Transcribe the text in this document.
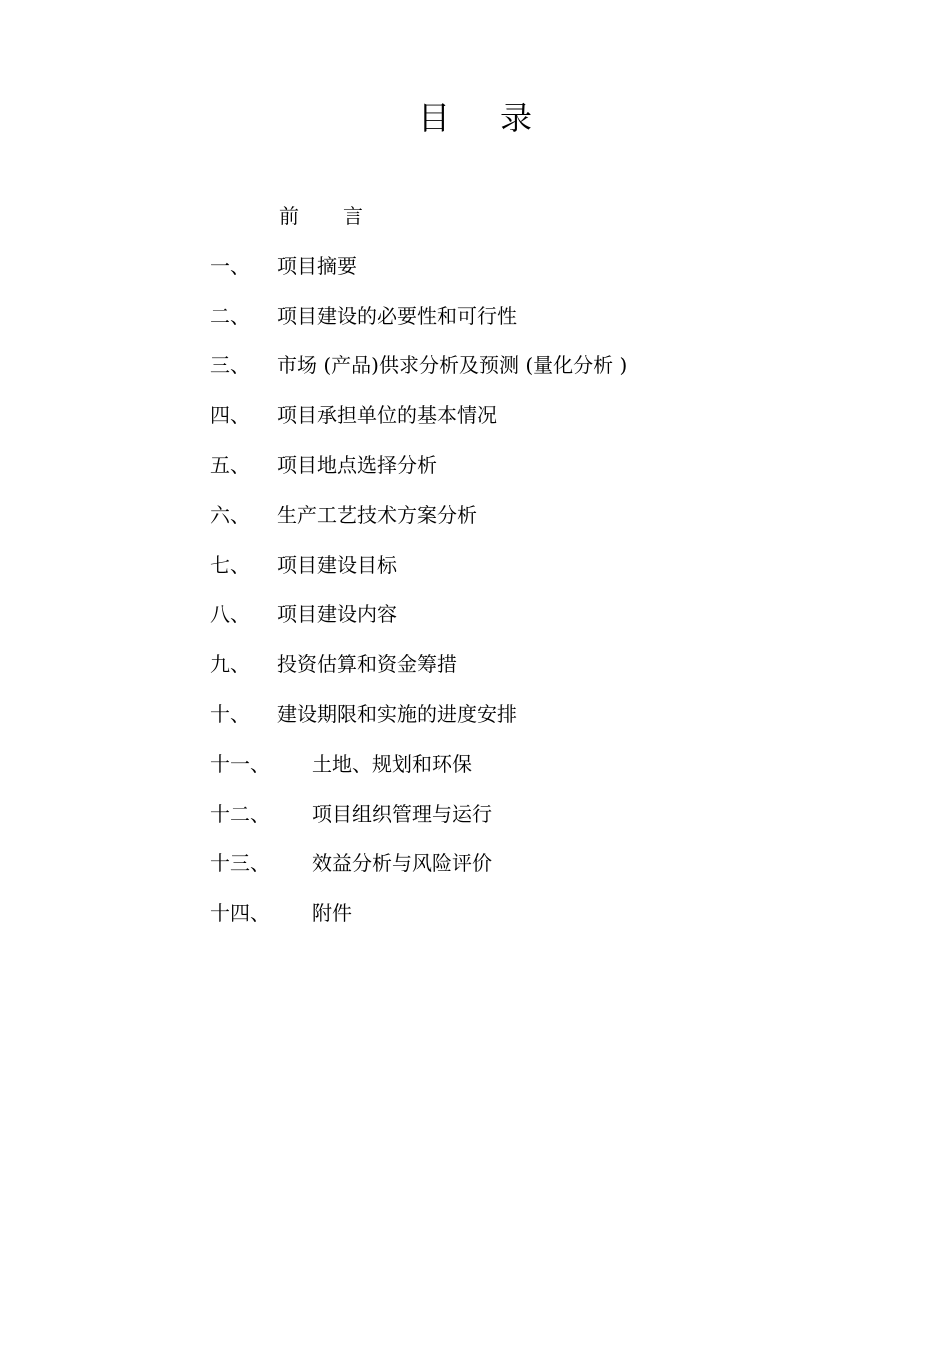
目 录
前 言
一、 项目摘要
二、 项目建设的必要性和可行性
三、 市场 (产品)供求分析及预测 (量化分析 )
四、 项目承担单位的基本情况
五、 项目地点选择分析
六、 生产工艺技术方案分析
七、 项目建设目标
八、 项目建设内容
九、 投资估算和资金筹措
十、 建设期限和实施的进度安排
十一、 土地、规划和环保
十二、 项目组织管理与运行
十三、 效益分析与风险评价
十四、 附件
